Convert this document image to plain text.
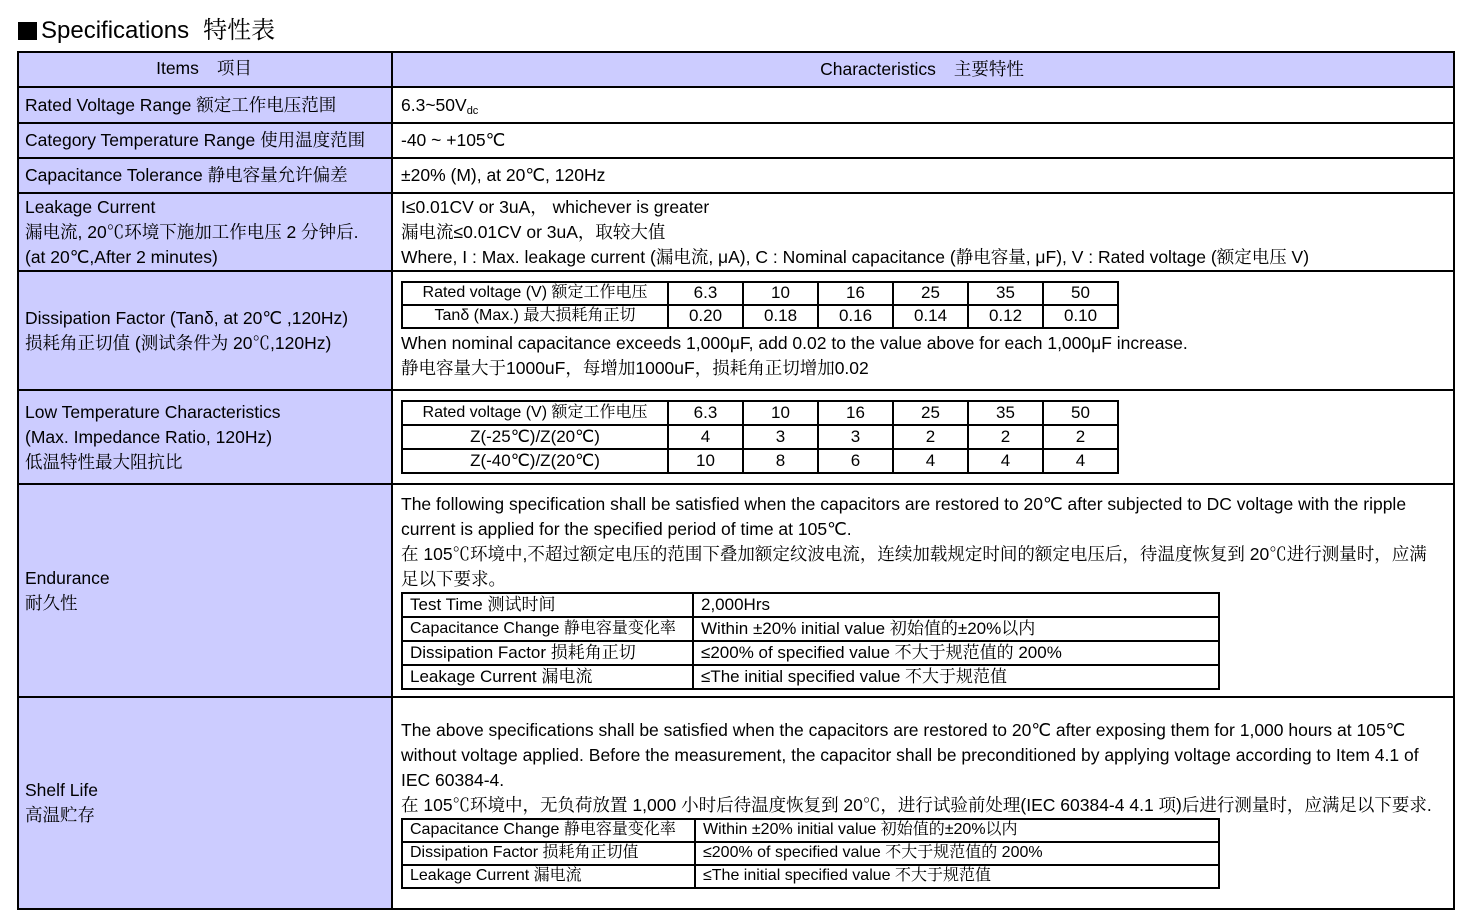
Specifications 特性表
Items 项目	Characteristics 主要特性
Rated Voltage Range 额定工作电压范围	$6.3\sim 50V_{dc}$
Category Temperature Range 使用温度范围	-40 ~ +105℃
Capacitance Tolerance 静电容量允许偏差	±20% (M), at 20℃, 120Hz

Leakage Current
漏电流, 20℃环境下施加工作电压 2 分钟后.
(at 20℃,After 2 minutes)

I≤0.01CV or 3uA， whichever is greater
漏电流≤0.01CV or 3uA，取较大值
Where, I : Max. leakage current (漏电流, μA), C : Nominal capacitance (静电容量, μF), V : Rated voltage (额定电压 V)

Dissipation Factor (Tanδ, at 20℃ ,120Hz)
损耗角正切值 (测试条件为 20℃,120Hz)

Rated voltage (V) 额定工作电压	6.3	10	16	25	35	50
Tanδ (Max.) 最大损耗角正切	0.20	0.18	0.16	0.14	0.12	0.10
When nominal capacitance exceeds 1,000μF, add 0.02 to the value above for each 1,000μF increase.
静电容量大于1000uF，每增加1000uF，损耗角正切增加0.02

Low Temperature Characteristics
(Max. Impedance Ratio, 120Hz)
低温特性最大阻抗比

Rated voltage (V) 额定工作电压	6.3	10	16	25	35	50
Z(-25℃)/Z(20℃)	4	3	3	2	2	2
Z(-40℃)/Z(20℃)	10	8	6	4	4	4

Endurance
耐久性

The following specification shall be satisfied when the capacitors are restored to 20℃ after subjected to DC voltage with the ripple
current is applied for the specified period of time at 105℃.
在 105℃环境中,不超过额定电压的范围下叠加额定纹波电流，连续加载规定时间的额定电压后，待温度恢复到 20℃进行测量时，应满
足以下要求。
Test Time 测试时间	2,000Hrs
Capacitance Change 静电容量变化率	Within ±20% initial value 初始值的±20%以内
Dissipation Factor 损耗角正切	≤200% of specified value 不大于规范值的 200%
Leakage Current 漏电流	≤The initial specified value 不大于规范值

Shelf Life
高温贮存

The above specifications shall be satisfied when the capacitors are restored to 20℃ after exposing them for 1,000 hours at 105℃
without voltage applied. Before the measurement, the capacitor shall be preconditioned by applying voltage according to Item 4.1 of
IEC 60384-4.
在 105℃环境中，无负荷放置 1,000 小时后待温度恢复到 20℃，进行试验前处理(IEC 60384-4 4.1 项)后进行测量时，应满足以下要求.
Capacitance Change 静电容量变化率	Within ±20% initial value 初始值的±20%以内
Dissipation Factor 损耗角正切值	≤200% of specified value 不大于规范值的 200%
Leakage Current 漏电流	≤The initial specified value 不大于规范值
